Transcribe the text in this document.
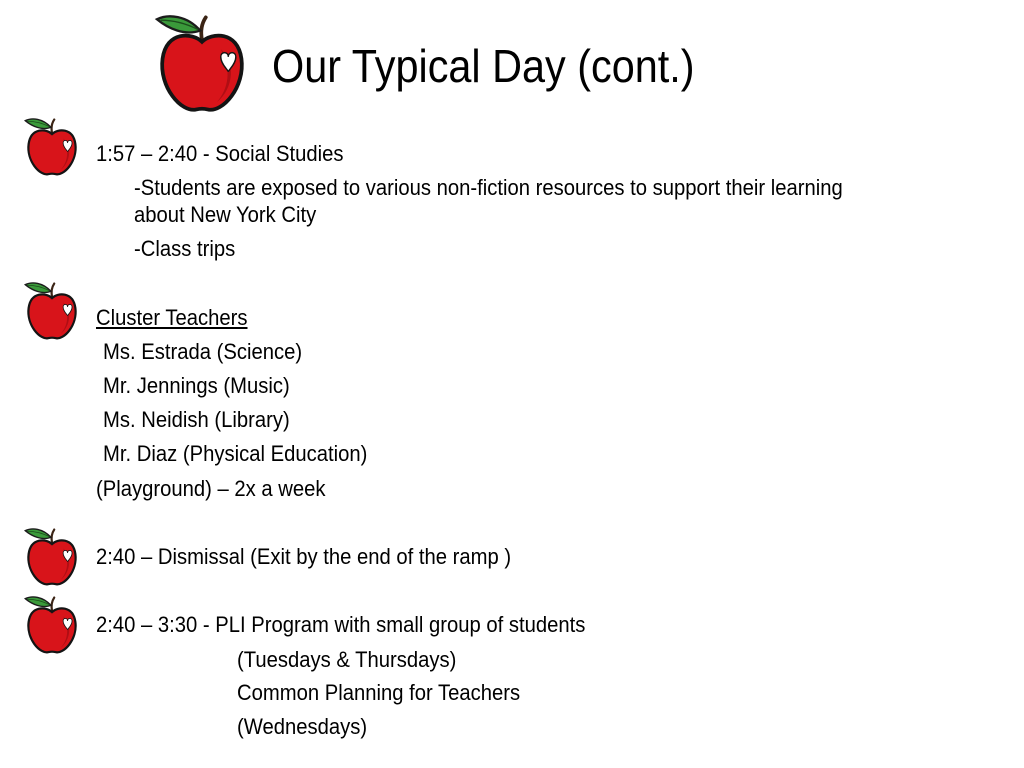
Our Typical Day (cont.)
1:57 – 2:40 - Social Studies
-Students are exposed to various non-fiction resources to support their learning
about New York City
-Class trips
Cluster Teachers
Ms. Estrada (Science)
Mr. Jennings (Music)
Ms. Neidish (Library)
Mr. Diaz (Physical Education)
(Playground) – 2x a week
2:40 – Dismissal (Exit by the end of the ramp )
2:40 – 3:30 - PLI Program with small group of students
(Tuesdays & Thursdays)
Common Planning for Teachers
(Wednesdays)
